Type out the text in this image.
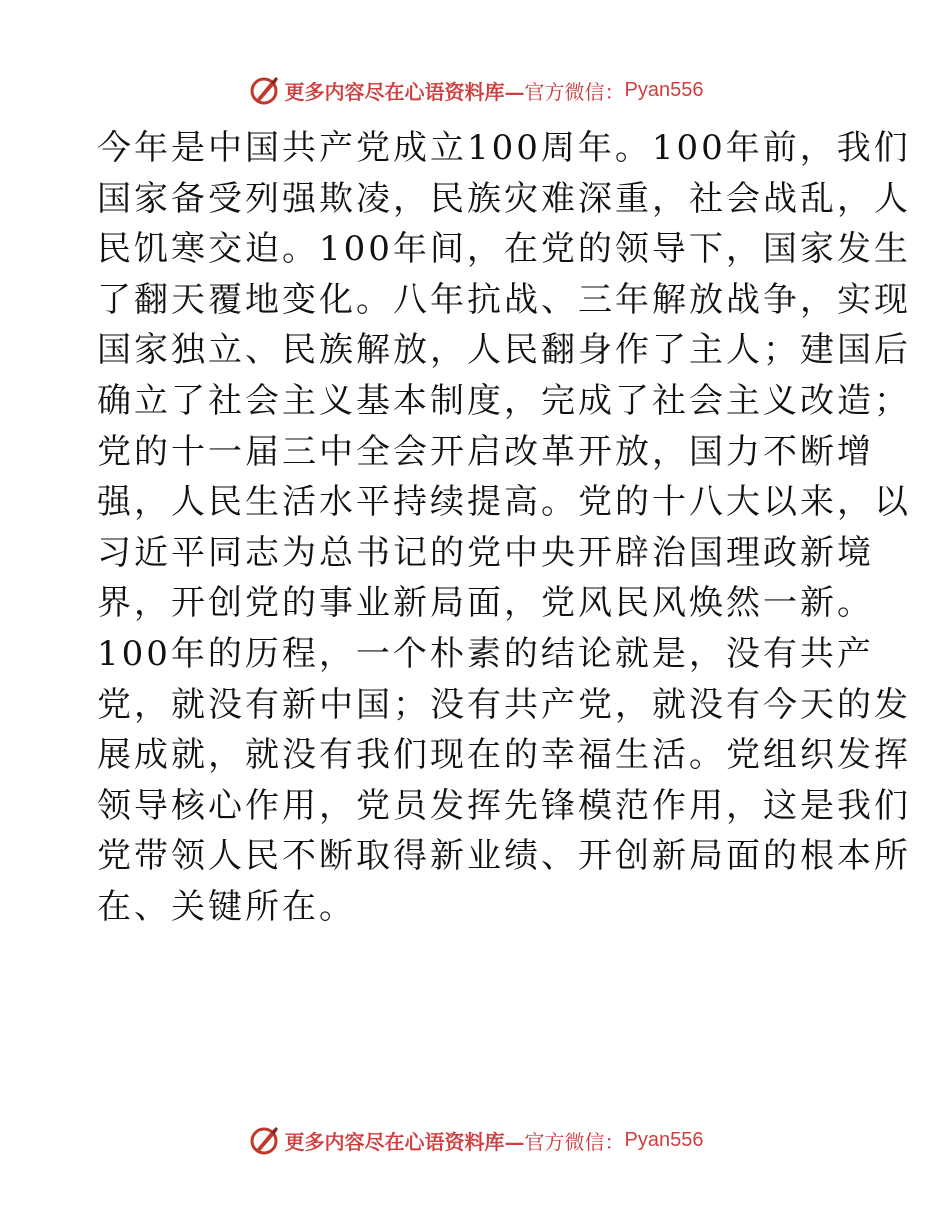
更多内容尽在心语资料库— 官方微信： Pyan556
今年是中国共产党成立100周年。100年前，我们
国家备受列强欺凌，民族灾难深重，社会战乱，人
民饥寒交迫。100年间，在党的领导下，国家发生
了翻天覆地变化。八年抗战、三年解放战争，实现
国家独立、民族解放，人民翻身作了主人；建国后
确立了社会主义基本制度，完成了社会主义改造；
党的十一届三中全会开启改革开放，国力不断增
强，人民生活水平持续提高。党的十八大以来，以
习近平同志为总书记的党中央开辟治国理政新境
界，开创党的事业新局面，党风民风焕然一新。
100年的历程，一个朴素的结论就是，没有共产
党，就没有新中国；没有共产党，就没有今天的发
展成就，就没有我们现在的幸福生活。党组织发挥
领导核心作用，党员发挥先锋模范作用，这是我们
党带领人民不断取得新业绩、开创新局面的根本所
在、关键所在。
更多内容尽在心语资料库— 官方微信： Pyan556
